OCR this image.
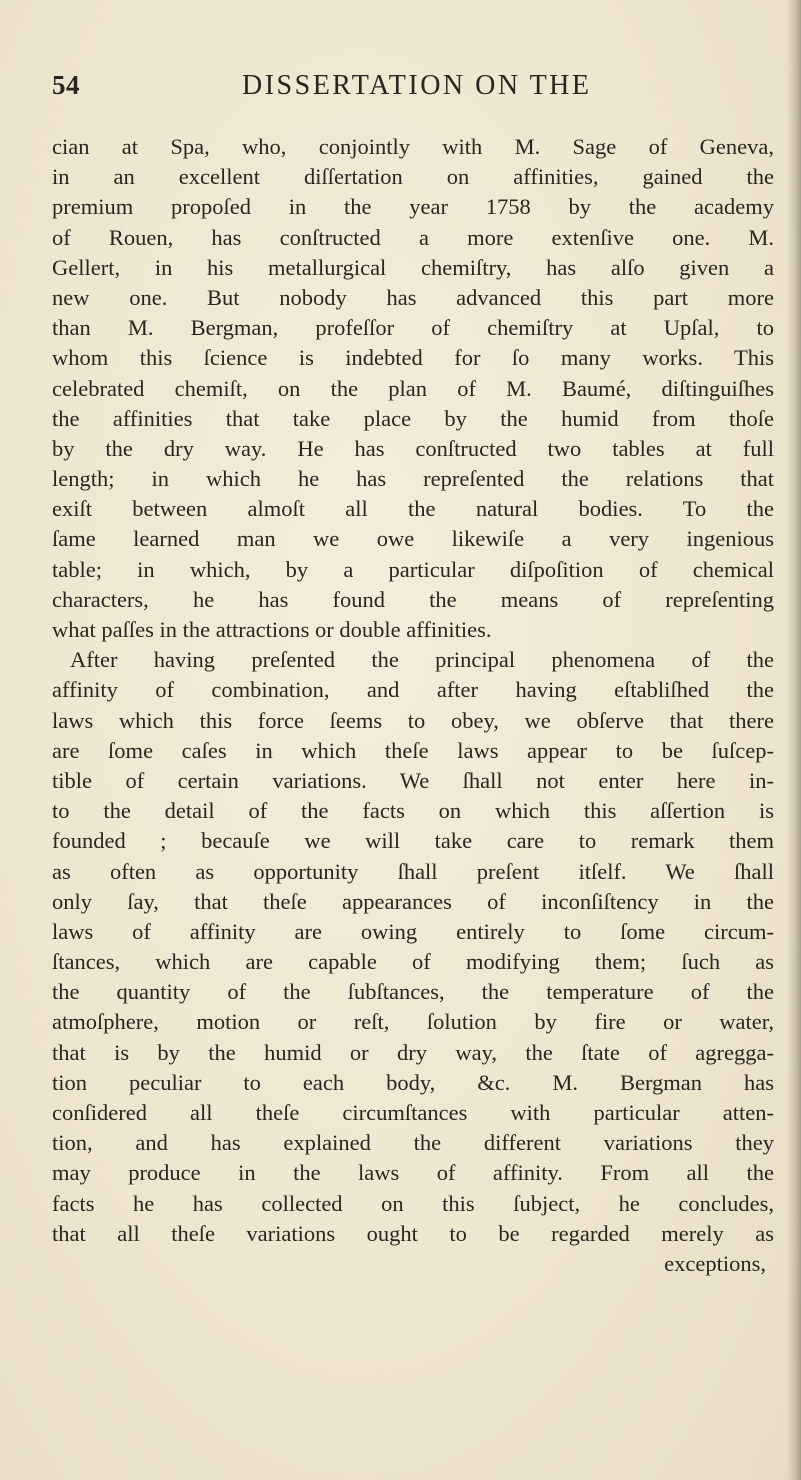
54	DISSERTATION ON THE
cian at Spa, who, conjointly with M. Sage of Geneva,
in an excellent diſſertation on affinities, gained the
premium propoſed in the year 1758 by the academy
of Rouen, has conſtructed a more extenſive one. M.
Gellert, in his metallurgical chemiſtry, has alſo given a
new one. But nobody has advanced this part more
than M. Bergman, profeſſor of chemiſtry at Upſal, to
whom this ſcience is indebted for ſo many works. This
celebrated chemiſt, on the plan of M. Baumé, diſtinguiſhes
the affinities that take place by the humid from thoſe
by the dry way. He has conſtructed two tables at full
length; in which he has repreſented the relations that
exiſt between almoſt all the natural bodies. To the
ſame learned man we owe likewiſe a very ingenious
table; in which, by a particular diſpoſition of chemical
characters, he has found the means of repreſenting
what paſſes in the attractions or double affinities.
After having preſented the principal phenomena of the
affinity of combination, and after having eſtabliſhed the
laws which this force ſeems to obey, we obſerve that there
are ſome caſes in which theſe laws appear to be ſuſcep-
tible of certain variations. We ſhall not enter here in-
to the detail of the facts on which this aſſertion is
founded ; becauſe we will take care to remark them
as often as opportunity ſhall preſent itſelf. We ſhall
only ſay, that theſe appearances of inconſiſtency in the
laws of affinity are owing entirely to ſome circum-
ſtances, which are capable of modifying them; ſuch as
the quantity of the ſubſtances, the temperature of the
atmoſphere, motion or reſt, ſolution by fire or water,
that is by the humid or dry way, the ſtate of agregga-
tion peculiar to each body, &c. M. Bergman has
conſidered all theſe circumſtances with particular atten-
tion, and has explained the different variations they
may produce in the laws of affinity. From all the
facts he has collected on this ſubject, he concludes,
that all theſe variations ought to be regarded merely as
exceptions,
